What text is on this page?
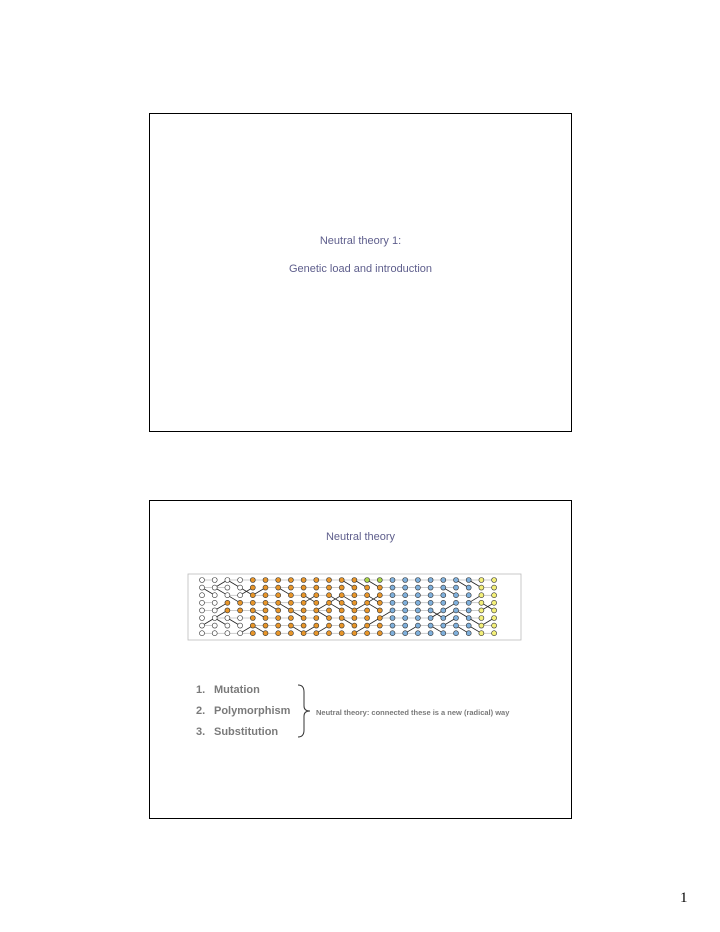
Neutral theory 1:
Genetic load and introduction
Neutral theory
1. Mutation
2. Polymorphism
3. Substitution
Neutral theory: connected these is a new (radical) way
1
